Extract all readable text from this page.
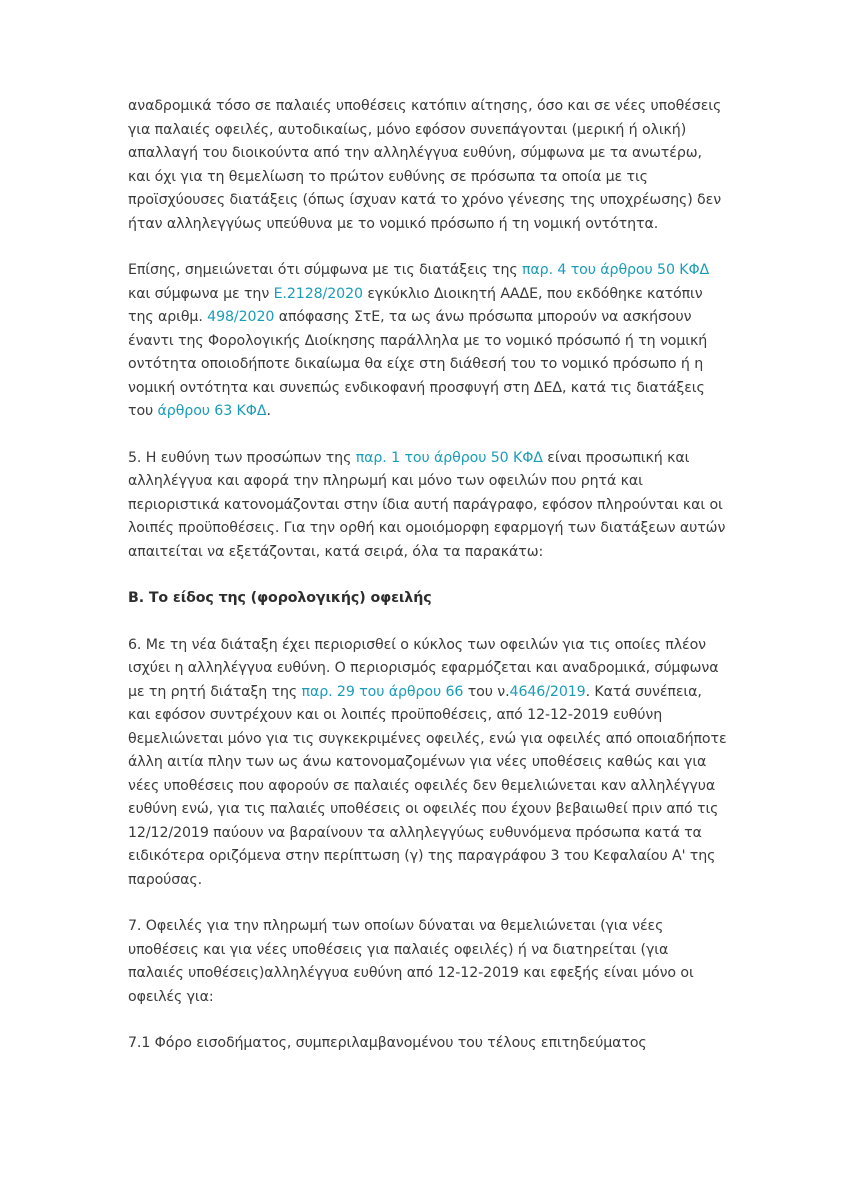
αναδρομικά τόσο σε παλαιές υποθέσεις κατόπιν αίτησης, όσο και σε νέες υποθέσεις για παλαιές οφειλές, αυτοδικαίως, μόνο εφόσον συνεπάγονται (μερική ή ολική) απαλλαγή του διοικούντα από την αλληλέγγυα ευθύνη, σύμφωνα με τα ανωτέρω, και όχι για τη θεμελίωση το πρώτον ευθύνης σε πρόσωπα τα οποία με τις προϊσχύουσες διατάξεις (όπως ίσχυαν κατά το χρόνο γένεσης της υποχρέωσης) δεν ήταν αλληλεγγύως υπεύθυνα με το νομικό πρόσωπο ή τη νομική οντότητα.

Επίσης, σημειώνεται ότι σύμφωνα με τις διατάξεις της παρ. 4 του άρθρου 50 ΚΦΔ και σύμφωνα με την Ε.2128/2020 εγκύκλιο Διοικητή ΑΑΔΕ, που εκδόθηκε κατόπιν της αριθμ. 498/2020 απόφασης ΣτΕ, τα ως άνω πρόσωπα μπορούν να ασκήσουν έναντι της Φορολογικής Διοίκησης παράλληλα με το νομικό πρόσωπό ή τη νομική οντότητα οποιοδήποτε δικαίωμα θα είχε στη διάθεσή του το νομικό πρόσωπο ή η νομική οντότητα και συνεπώς ενδικοφανή προσφυγή στη ΔΕΔ, κατά τις διατάξεις του άρθρου 63 ΚΦΔ.

5. Η ευθύνη των προσώπων της παρ. 1 του άρθρου 50 ΚΦΔ είναι προσωπική και αλληλέγγυα και αφορά την πληρωμή και μόνο των οφειλών που ρητά και περιοριστικά κατονομάζονται στην ίδια αυτή παράγραφο, εφόσον πληρούνται και οι λοιπές προϋποθέσεις. Για την ορθή και ομοιόμορφη εφαρμογή των διατάξεων αυτών απαιτείται να εξετάζονται, κατά σειρά, όλα τα παρακάτω:

Β. Το είδος της (φορολογικής) οφειλής

6. Με τη νέα διάταξη έχει περιορισθεί ο κύκλος των οφειλών για τις οποίες πλέον ισχύει η αλληλέγγυα ευθύνη. Ο περιορισμός εφαρμόζεται και αναδρομικά, σύμφωνα με τη ρητή διάταξη της παρ. 29 του άρθρου 66 του ν.4646/2019. Κατά συνέπεια, και εφόσον συντρέχουν και οι λοιπές προϋποθέσεις, από 12-12-2019 ευθύνη θεμελιώνεται μόνο για τις συγκεκριμένες οφειλές, ενώ για οφειλές από οποιαδήποτε άλλη αιτία πλην των ως άνω κατονομαζομένων για νέες υποθέσεις καθώς και για νέες υποθέσεις που αφορούν σε παλαιές οφειλές δεν θεμελιώνεται καν αλληλέγγυα ευθύνη ενώ, για τις παλαιές υποθέσεις οι οφειλές που έχουν βεβαιωθεί πριν από τις 12/12/2019 παύουν να βαραίνουν τα αλληλεγγύως ευθυνόμενα πρόσωπα κατά τα ειδικότερα οριζόμενα στην περίπτωση (γ) της παραγράφου 3 του Κεφαλαίου Α' της παρούσας.

7. Οφειλές για την πληρωμή των οποίων δύναται να θεμελιώνεται (για νέες υποθέσεις και για νέες υποθέσεις για παλαιές οφειλές) ή να διατηρείται (για παλαιές υποθέσεις)αλληλέγγυα ευθύνη από 12-12-2019 και εφεξής είναι μόνο οι οφειλές για:

7.1 Φόρο εισοδήματος, συμπεριλαμβανομένου του τέλους επιτηδεύματος
